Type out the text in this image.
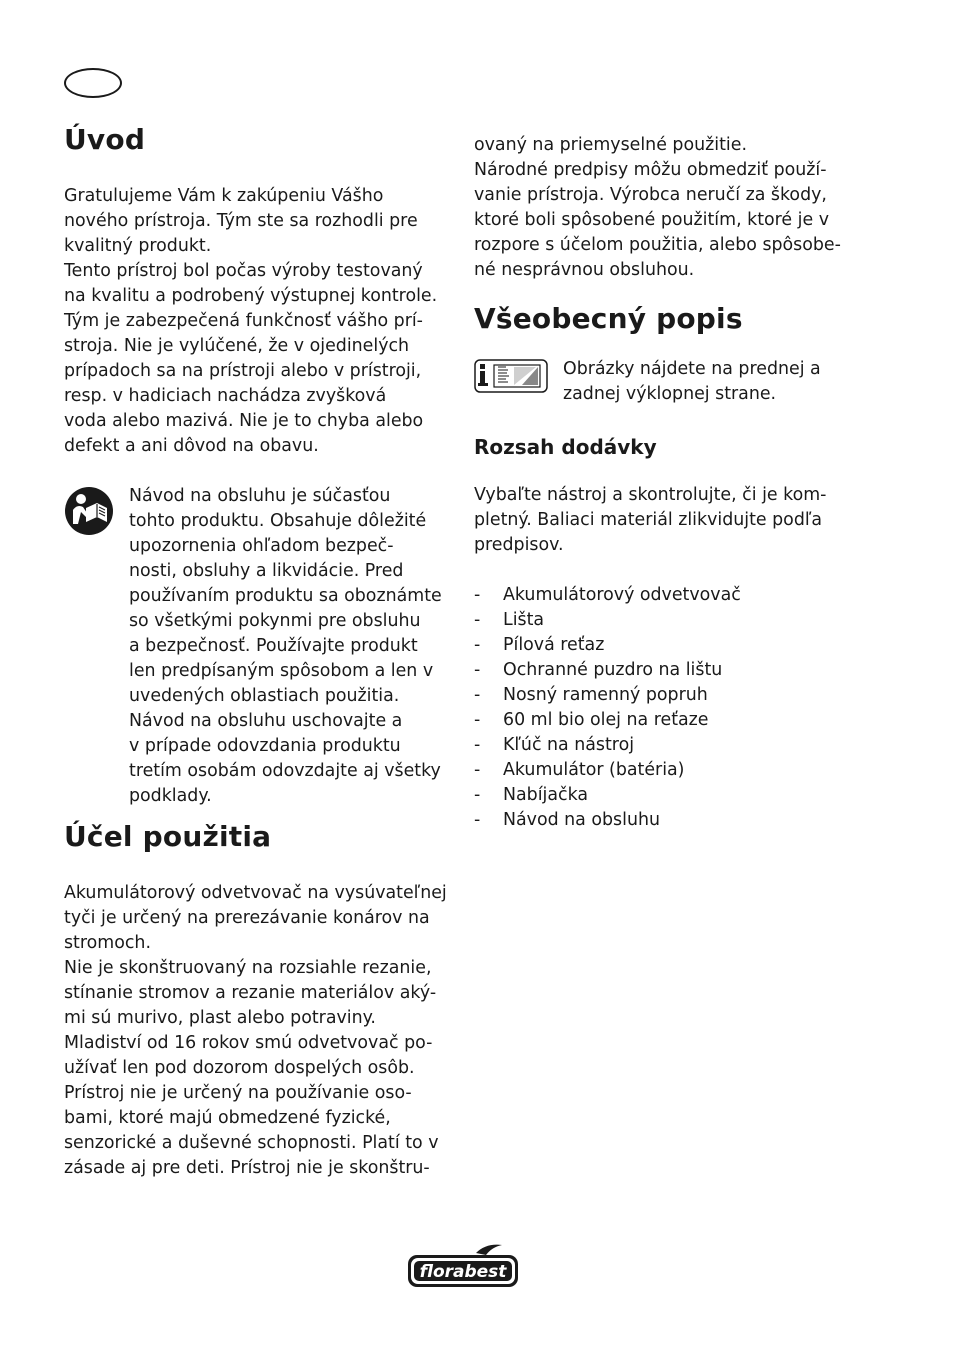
Úvod

Gratulujeme Vám k zakúpeniu Vášho
nového prístroja. Tým ste sa rozhodli pre
kvalitný produkt.
Tento prístroj bol počas výroby testovaný
na kvalitu a podrobený výstupnej kontrole.
Tým je zabezpečená funkčnosť vášho prí-
stroja. Nie je vylúčené, že v ojedinelých
prípadoch sa na prístroji alebo v prístroji,
resp. v hadiciach nachádza zvyšková
voda alebo mazivá. Nie je to chyba alebo
defekt a ani dôvod na obavu.

Návod na obsluhu je súčasťou
tohto produktu. Obsahuje dôležité
upozornenia ohľadom bezpeč-
nosti, obsluhy a likvidácie. Pred
používaním produktu sa oboznámte
so všetkými pokynmi pre obsluhu
a bezpečnosť. Používajte produkt
len predpísaným spôsobom a len v
uvedených oblastiach použitia.
Návod na obsluhu uschovajte a
v prípade odovzdania produktu
tretím osobám odovzdajte aj všetky
podklady.

Účel použitia

Akumulátorový odvetvovač na vysúvateľnej
tyči je určený na prerezávanie konárov na
stromoch.
Nie je skonštruovaný na rozsiahle rezanie,
stínanie stromov a rezanie materiálov aký-
mi sú murivo, plast alebo potraviny.
Mladiství od 16 rokov smú odvetvovač po-
užívať len pod dozorom dospelých osôb.
Prístroj nie je určený na používanie oso-
bami, ktoré majú obmedzené fyzické,
senzorické a duševné schopnosti. Platí to v
zásade aj pre deti. Prístroj nie je skonštru-

ovaný na priemyselné použitie.
Národné predpisy môžu obmedziť použí-
vanie prístroja. Výrobca neručí za škody,
ktoré boli spôsobené použitím, ktoré je v
rozpore s účelom použitia, alebo spôsobe-
né nesprávnou obsluhou.

Všeobecný popis

Obrázky nájdete na prednej a
zadnej výklopnej strane.

Rozsah dodávky

Vybaľte nástroj a skontrolujte, či je kom-
pletný. Baliaci materiál zlikvidujte podľa
predpisov.

- Akumulátorový odvetvovač
- Lišta
- Pílová reťaz
- Ochranné puzdro na lištu
- Nosný ramenný popruh
- 60 ml bio olej na reťaze
- Kľúč na nástroj
- Akumulátor (batéria)
- Nabíjačka
- Návod na obsluhu
florabest
